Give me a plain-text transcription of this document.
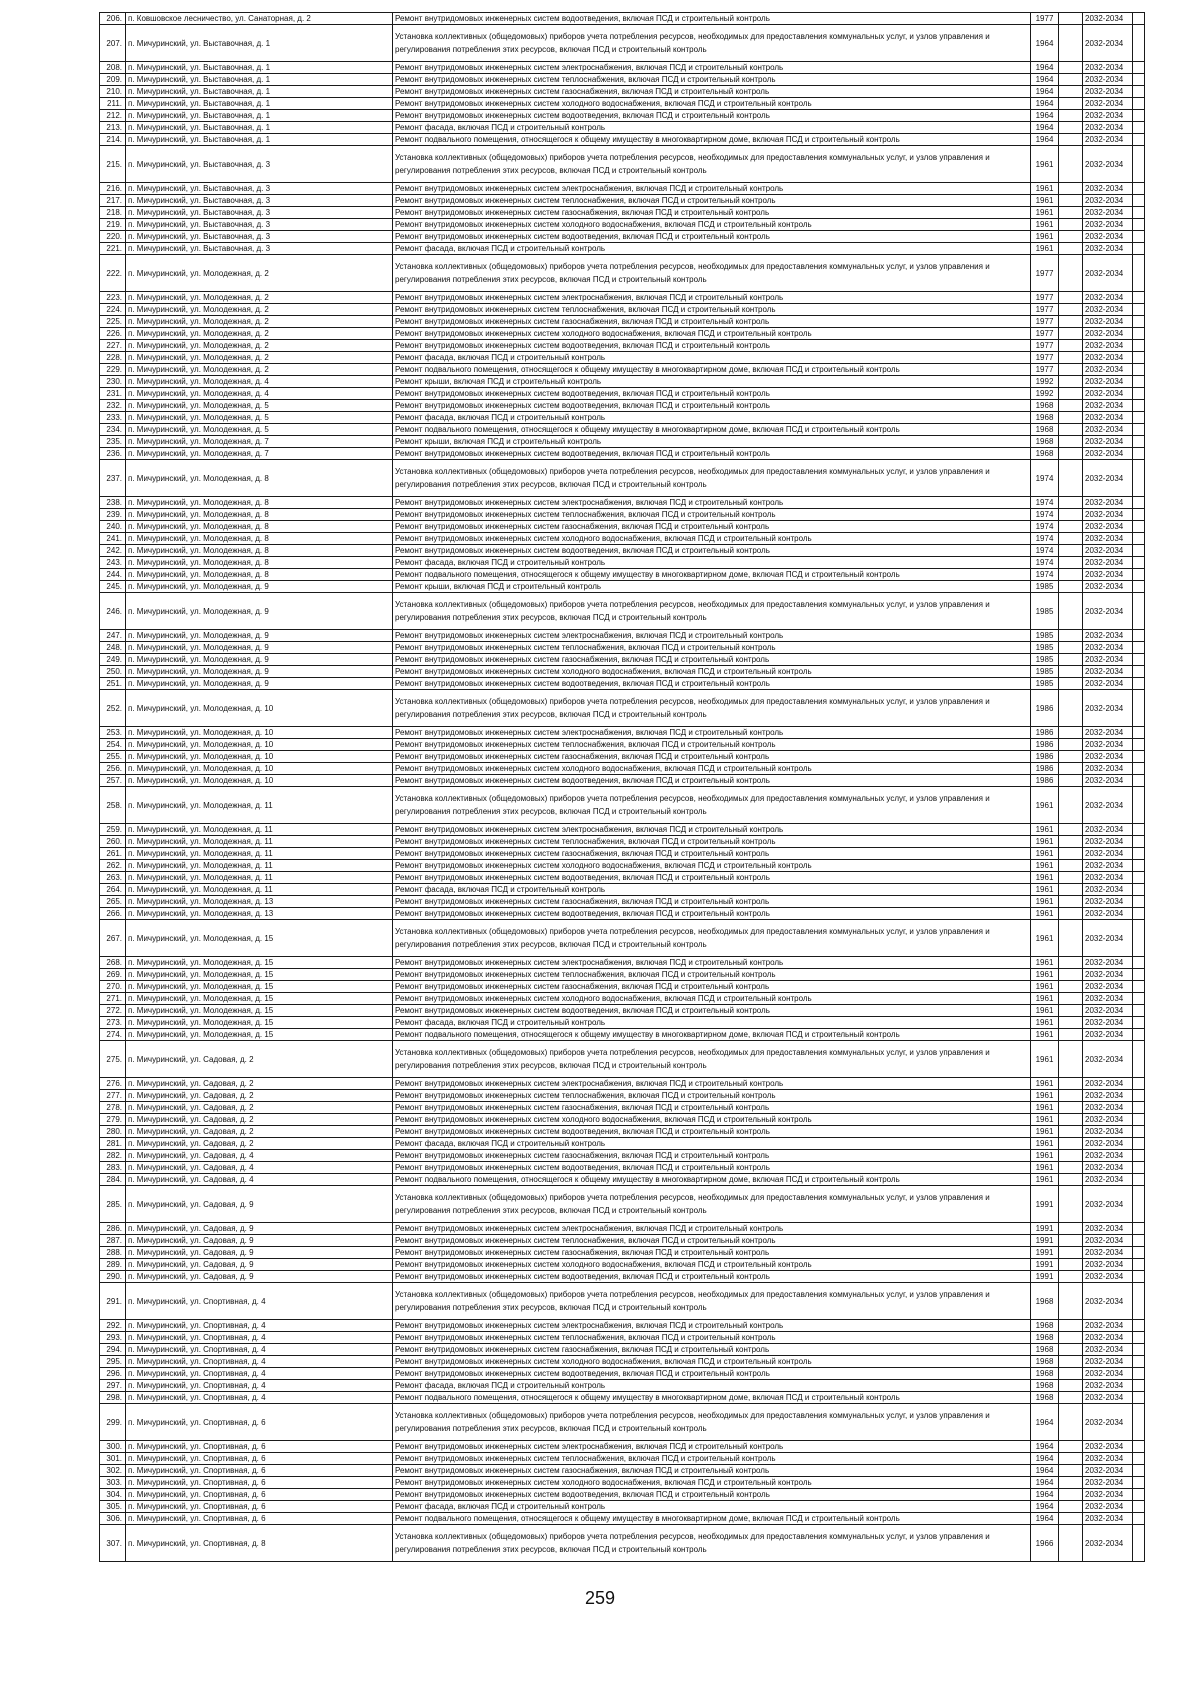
206.	п. Ковшовское лесничество, ул. Санаторная, д. 2	Ремонт внутридомовых инженерных систем водоотведения, включая ПСД и строительный контроль	1977		2032-2034	
207.	п. Мичуринский, ул. Выставочная, д. 1	Установка коллективных (общедомовых) приборов учета потребления ресурсов, необходимых для предоставления коммунальных услуг, и узлов управления и регулирования потребления этих ресурсов, включая ПСД и строительный контроль	1964		2032-2034	
208.	п. Мичуринский, ул. Выставочная, д. 1	Ремонт внутридомовых инженерных систем электроснабжения, включая ПСД и строительный контроль	1964		2032-2034	
209.	п. Мичуринский, ул. Выставочная, д. 1	Ремонт внутридомовых инженерных систем теплоснабжения, включая ПСД и строительный контроль	1964		2032-2034	
210.	п. Мичуринский, ул. Выставочная, д. 1	Ремонт внутридомовых инженерных систем газоснабжения, включая ПСД и строительный контроль	1964		2032-2034	
211.	п. Мичуринский, ул. Выставочная, д. 1	Ремонт внутридомовых инженерных систем холодного водоснабжения, включая ПСД и строительный контроль	1964		2032-2034	
212.	п. Мичуринский, ул. Выставочная, д. 1	Ремонт внутридомовых инженерных систем водоотведения, включая ПСД и строительный контроль	1964		2032-2034	
213.	п. Мичуринский, ул. Выставочная, д. 1	Ремонт фасада, включая ПСД и строительный контроль	1964		2032-2034	
214.	п. Мичуринский, ул. Выставочная, д. 1	Ремонт подвального помещения, относящегося к общему имуществу в многоквартирном доме, включая ПСД и строительный контроль	1964		2032-2034	
215.	п. Мичуринский, ул. Выставочная, д. 3	Установка коллективных (общедомовых) приборов учета потребления ресурсов, необходимых для предоставления коммунальных услуг, и узлов управления и регулирования потребления этих ресурсов, включая ПСД и строительный контроль	1961		2032-2034	
216.	п. Мичуринский, ул. Выставочная, д. 3	Ремонт внутридомовых инженерных систем электроснабжения, включая ПСД и строительный контроль	1961		2032-2034	
217.	п. Мичуринский, ул. Выставочная, д. 3	Ремонт внутридомовых инженерных систем теплоснабжения, включая ПСД и строительный контроль	1961		2032-2034	
218.	п. Мичуринский, ул. Выставочная, д. 3	Ремонт внутридомовых инженерных систем газоснабжения, включая ПСД и строительный контроль	1961		2032-2034	
219.	п. Мичуринский, ул. Выставочная, д. 3	Ремонт внутридомовых инженерных систем холодного водоснабжения, включая ПСД и строительный контроль	1961		2032-2034	
220.	п. Мичуринский, ул. Выставочная, д. 3	Ремонт внутридомовых инженерных систем водоотведения, включая ПСД и строительный контроль	1961		2032-2034	
221.	п. Мичуринский, ул. Выставочная, д. 3	Ремонт фасада, включая ПСД и строительный контроль	1961		2032-2034	
222.	п. Мичуринский, ул. Молодежная, д. 2	Установка коллективных (общедомовых) приборов учета потребления ресурсов, необходимых для предоставления коммунальных услуг, и узлов управления и регулирования потребления этих ресурсов, включая ПСД и строительный контроль	1977		2032-2034	
223.	п. Мичуринский, ул. Молодежная, д. 2	Ремонт внутридомовых инженерных систем электроснабжения, включая ПСД и строительный контроль	1977		2032-2034	
224.	п. Мичуринский, ул. Молодежная, д. 2	Ремонт внутридомовых инженерных систем теплоснабжения, включая ПСД и строительный контроль	1977		2032-2034	
225.	п. Мичуринский, ул. Молодежная, д. 2	Ремонт внутридомовых инженерных систем газоснабжения, включая ПСД и строительный контроль	1977		2032-2034	
226.	п. Мичуринский, ул. Молодежная, д. 2	Ремонт внутридомовых инженерных систем холодного водоснабжения, включая ПСД и строительный контроль	1977		2032-2034	
227.	п. Мичуринский, ул. Молодежная, д. 2	Ремонт внутридомовых инженерных систем водоотведения, включая ПСД и строительный контроль	1977		2032-2034	
228.	п. Мичуринский, ул. Молодежная, д. 2	Ремонт фасада, включая ПСД и строительный контроль	1977		2032-2034	
229.	п. Мичуринский, ул. Молодежная, д. 2	Ремонт подвального помещения, относящегося к общему имуществу в многоквартирном доме, включая ПСД и строительный контроль	1977		2032-2034	
230.	п. Мичуринский, ул. Молодежная, д. 4	Ремонт крыши, включая ПСД и строительный контроль	1992		2032-2034	
231.	п. Мичуринский, ул. Молодежная, д. 4	Ремонт внутридомовых инженерных систем водоотведения, включая ПСД и строительный контроль	1992		2032-2034	
232.	п. Мичуринский, ул. Молодежная, д. 5	Ремонт внутридомовых инженерных систем водоотведения, включая ПСД и строительный контроль	1968		2032-2034	
233.	п. Мичуринский, ул. Молодежная, д. 5	Ремонт фасада, включая ПСД и строительный контроль	1968		2032-2034	
234.	п. Мичуринский, ул. Молодежная, д. 5	Ремонт подвального помещения, относящегося к общему имуществу в многоквартирном доме, включая ПСД и строительный контроль	1968		2032-2034	
235.	п. Мичуринский, ул. Молодежная, д. 7	Ремонт крыши, включая ПСД и строительный контроль	1968		2032-2034	
236.	п. Мичуринский, ул. Молодежная, д. 7	Ремонт внутридомовых инженерных систем водоотведения, включая ПСД и строительный контроль	1968		2032-2034	
237.	п. Мичуринский, ул. Молодежная, д. 8	Установка коллективных (общедомовых) приборов учета потребления ресурсов, необходимых для предоставления коммунальных услуг, и узлов управления и регулирования потребления этих ресурсов, включая ПСД и строительный контроль	1974		2032-2034	
238.	п. Мичуринский, ул. Молодежная, д. 8	Ремонт внутридомовых инженерных систем электроснабжения, включая ПСД и строительный контроль	1974		2032-2034	
239.	п. Мичуринский, ул. Молодежная, д. 8	Ремонт внутридомовых инженерных систем теплоснабжения, включая ПСД и строительный контроль	1974		2032-2034	
240.	п. Мичуринский, ул. Молодежная, д. 8	Ремонт внутридомовых инженерных систем газоснабжения, включая ПСД и строительный контроль	1974		2032-2034	
241.	п. Мичуринский, ул. Молодежная, д. 8	Ремонт внутридомовых инженерных систем холодного водоснабжения, включая ПСД и строительный контроль	1974		2032-2034	
242.	п. Мичуринский, ул. Молодежная, д. 8	Ремонт внутридомовых инженерных систем водоотведения, включая ПСД и строительный контроль	1974		2032-2034	
243.	п. Мичуринский, ул. Молодежная, д. 8	Ремонт фасада, включая ПСД и строительный контроль	1974		2032-2034	
244.	п. Мичуринский, ул. Молодежная, д. 8	Ремонт подвального помещения, относящегося к общему имуществу в многоквартирном доме, включая ПСД и строительный контроль	1974		2032-2034	
245.	п. Мичуринский, ул. Молодежная, д. 9	Ремонт крыши, включая ПСД и строительный контроль	1985		2032-2034	
246.	п. Мичуринский, ул. Молодежная, д. 9	Установка коллективных (общедомовых) приборов учета потребления ресурсов, необходимых для предоставления коммунальных услуг, и узлов управления и регулирования потребления этих ресурсов, включая ПСД и строительный контроль	1985		2032-2034	
247.	п. Мичуринский, ул. Молодежная, д. 9	Ремонт внутридомовых инженерных систем электроснабжения, включая ПСД и строительный контроль	1985		2032-2034	
248.	п. Мичуринский, ул. Молодежная, д. 9	Ремонт внутридомовых инженерных систем теплоснабжения, включая ПСД и строительный контроль	1985		2032-2034	
249.	п. Мичуринский, ул. Молодежная, д. 9	Ремонт внутридомовых инженерных систем газоснабжения, включая ПСД и строительный контроль	1985		2032-2034	
250.	п. Мичуринский, ул. Молодежная, д. 9	Ремонт внутридомовых инженерных систем холодного водоснабжения, включая ПСД и строительный контроль	1985		2032-2034	
251.	п. Мичуринский, ул. Молодежная, д. 9	Ремонт внутридомовых инженерных систем водоотведения, включая ПСД и строительный контроль	1985		2032-2034	
252.	п. Мичуринский, ул. Молодежная, д. 10	Установка коллективных (общедомовых) приборов учета потребления ресурсов, необходимых для предоставления коммунальных услуг, и узлов управления и регулирования потребления этих ресурсов, включая ПСД и строительный контроль	1986		2032-2034	
253.	п. Мичуринский, ул. Молодежная, д. 10	Ремонт внутридомовых инженерных систем электроснабжения, включая ПСД и строительный контроль	1986		2032-2034	
254.	п. Мичуринский, ул. Молодежная, д. 10	Ремонт внутридомовых инженерных систем теплоснабжения, включая ПСД и строительный контроль	1986		2032-2034	
255.	п. Мичуринский, ул. Молодежная, д. 10	Ремонт внутридомовых инженерных систем газоснабжения, включая ПСД и строительный контроль	1986		2032-2034	
256.	п. Мичуринский, ул. Молодежная, д. 10	Ремонт внутридомовых инженерных систем холодного водоснабжения, включая ПСД и строительный контроль	1986		2032-2034	
257.	п. Мичуринский, ул. Молодежная, д. 10	Ремонт внутридомовых инженерных систем водоотведения, включая ПСД и строительный контроль	1986		2032-2034	
258.	п. Мичуринский, ул. Молодежная, д. 11	Установка коллективных (общедомовых) приборов учета потребления ресурсов, необходимых для предоставления коммунальных услуг, и узлов управления и регулирования потребления этих ресурсов, включая ПСД и строительный контроль	1961		2032-2034	
259.	п. Мичуринский, ул. Молодежная, д. 11	Ремонт внутридомовых инженерных систем электроснабжения, включая ПСД и строительный контроль	1961		2032-2034	
260.	п. Мичуринский, ул. Молодежная, д. 11	Ремонт внутридомовых инженерных систем теплоснабжения, включая ПСД и строительный контроль	1961		2032-2034	
261.	п. Мичуринский, ул. Молодежная, д. 11	Ремонт внутридомовых инженерных систем газоснабжения, включая ПСД и строительный контроль	1961		2032-2034	
262.	п. Мичуринский, ул. Молодежная, д. 11	Ремонт внутридомовых инженерных систем холодного водоснабжения, включая ПСД и строительный контроль	1961		2032-2034	
263.	п. Мичуринский, ул. Молодежная, д. 11	Ремонт внутридомовых инженерных систем водоотведения, включая ПСД и строительный контроль	1961		2032-2034	
264.	п. Мичуринский, ул. Молодежная, д. 11	Ремонт фасада, включая ПСД и строительный контроль	1961		2032-2034	
265.	п. Мичуринский, ул. Молодежная, д. 13	Ремонт внутридомовых инженерных систем газоснабжения, включая ПСД и строительный контроль	1961		2032-2034	
266.	п. Мичуринский, ул. Молодежная, д. 13	Ремонт внутридомовых инженерных систем водоотведения, включая ПСД и строительный контроль	1961		2032-2034	
267.	п. Мичуринский, ул. Молодежная, д. 15	Установка коллективных (общедомовых) приборов учета потребления ресурсов, необходимых для предоставления коммунальных услуг, и узлов управления и регулирования потребления этих ресурсов, включая ПСД и строительный контроль	1961		2032-2034	
268.	п. Мичуринский, ул. Молодежная, д. 15	Ремонт внутридомовых инженерных систем электроснабжения, включая ПСД и строительный контроль	1961		2032-2034	
269.	п. Мичуринский, ул. Молодежная, д. 15	Ремонт внутридомовых инженерных систем теплоснабжения, включая ПСД и строительный контроль	1961		2032-2034	
270.	п. Мичуринский, ул. Молодежная, д. 15	Ремонт внутридомовых инженерных систем газоснабжения, включая ПСД и строительный контроль	1961		2032-2034	
271.	п. Мичуринский, ул. Молодежная, д. 15	Ремонт внутридомовых инженерных систем холодного водоснабжения, включая ПСД и строительный контроль	1961		2032-2034	
272.	п. Мичуринский, ул. Молодежная, д. 15	Ремонт внутридомовых инженерных систем водоотведения, включая ПСД и строительный контроль	1961		2032-2034	
273.	п. Мичуринский, ул. Молодежная, д. 15	Ремонт фасада, включая ПСД и строительный контроль	1961		2032-2034	
274.	п. Мичуринский, ул. Молодежная, д. 15	Ремонт подвального помещения, относящегося к общему имуществу в многоквартирном доме, включая ПСД и строительный контроль	1961		2032-2034	
275.	п. Мичуринский, ул. Садовая, д. 2	Установка коллективных (общедомовых) приборов учета потребления ресурсов, необходимых для предоставления коммунальных услуг, и узлов управления и регулирования потребления этих ресурсов, включая ПСД и строительный контроль	1961		2032-2034	
276.	п. Мичуринский, ул. Садовая, д. 2	Ремонт внутридомовых инженерных систем электроснабжения, включая ПСД и строительный контроль	1961		2032-2034	
277.	п. Мичуринский, ул. Садовая, д. 2	Ремонт внутридомовых инженерных систем теплоснабжения, включая ПСД и строительный контроль	1961		2032-2034	
278.	п. Мичуринский, ул. Садовая, д. 2	Ремонт внутридомовых инженерных систем газоснабжения, включая ПСД и строительный контроль	1961		2032-2034	
279.	п. Мичуринский, ул. Садовая, д. 2	Ремонт внутридомовых инженерных систем холодного водоснабжения, включая ПСД и строительный контроль	1961		2032-2034	
280.	п. Мичуринский, ул. Садовая, д. 2	Ремонт внутридомовых инженерных систем водоотведения, включая ПСД и строительный контроль	1961		2032-2034	
281.	п. Мичуринский, ул. Садовая, д. 2	Ремонт фасада, включая ПСД и строительный контроль	1961		2032-2034	
282.	п. Мичуринский, ул. Садовая, д. 4	Ремонт внутридомовых инженерных систем газоснабжения, включая ПСД и строительный контроль	1961		2032-2034	
283.	п. Мичуринский, ул. Садовая, д. 4	Ремонт внутридомовых инженерных систем водоотведения, включая ПСД и строительный контроль	1961		2032-2034	
284.	п. Мичуринский, ул. Садовая, д. 4	Ремонт подвального помещения, относящегося к общему имуществу в многоквартирном доме, включая ПСД и строительный контроль	1961		2032-2034	
285.	п. Мичуринский, ул. Садовая, д. 9	Установка коллективных (общедомовых) приборов учета потребления ресурсов, необходимых для предоставления коммунальных услуг, и узлов управления и регулирования потребления этих ресурсов, включая ПСД и строительный контроль	1991		2032-2034	
286.	п. Мичуринский, ул. Садовая, д. 9	Ремонт внутридомовых инженерных систем электроснабжения, включая ПСД и строительный контроль	1991		2032-2034	
287.	п. Мичуринский, ул. Садовая, д. 9	Ремонт внутридомовых инженерных систем теплоснабжения, включая ПСД и строительный контроль	1991		2032-2034	
288.	п. Мичуринский, ул. Садовая, д. 9	Ремонт внутридомовых инженерных систем газоснабжения, включая ПСД и строительный контроль	1991		2032-2034	
289.	п. Мичуринский, ул. Садовая, д. 9	Ремонт внутридомовых инженерных систем холодного водоснабжения, включая ПСД и строительный контроль	1991		2032-2034	
290.	п. Мичуринский, ул. Садовая, д. 9	Ремонт внутридомовых инженерных систем водоотведения, включая ПСД и строительный контроль	1991		2032-2034	
291.	п. Мичуринский, ул. Спортивная, д. 4	Установка коллективных (общедомовых) приборов учета потребления ресурсов, необходимых для предоставления коммунальных услуг, и узлов управления и регулирования потребления этих ресурсов, включая ПСД и строительный контроль	1968		2032-2034	
292.	п. Мичуринский, ул. Спортивная, д. 4	Ремонт внутридомовых инженерных систем электроснабжения, включая ПСД и строительный контроль	1968		2032-2034	
293.	п. Мичуринский, ул. Спортивная, д. 4	Ремонт внутридомовых инженерных систем теплоснабжения, включая ПСД и строительный контроль	1968		2032-2034	
294.	п. Мичуринский, ул. Спортивная, д. 4	Ремонт внутридомовых инженерных систем газоснабжения, включая ПСД и строительный контроль	1968		2032-2034	
295.	п. Мичуринский, ул. Спортивная, д. 4	Ремонт внутридомовых инженерных систем холодного водоснабжения, включая ПСД и строительный контроль	1968		2032-2034	
296.	п. Мичуринский, ул. Спортивная, д. 4	Ремонт внутридомовых инженерных систем водоотведения, включая ПСД и строительный контроль	1968		2032-2034	
297.	п. Мичуринский, ул. Спортивная, д. 4	Ремонт фасада, включая ПСД и строительный контроль	1968		2032-2034	
298.	п. Мичуринский, ул. Спортивная, д. 4	Ремонт подвального помещения, относящегося к общему имуществу в многоквартирном доме, включая ПСД и строительный контроль	1968		2032-2034	
299.	п. Мичуринский, ул. Спортивная, д. 6	Установка коллективных (общедомовых) приборов учета потребления ресурсов, необходимых для предоставления коммунальных услуг, и узлов управления и регулирования потребления этих ресурсов, включая ПСД и строительный контроль	1964		2032-2034	
300.	п. Мичуринский, ул. Спортивная, д. 6	Ремонт внутридомовых инженерных систем электроснабжения, включая ПСД и строительный контроль	1964		2032-2034	
301.	п. Мичуринский, ул. Спортивная, д. 6	Ремонт внутридомовых инженерных систем теплоснабжения, включая ПСД и строительный контроль	1964		2032-2034	
302.	п. Мичуринский, ул. Спортивная, д. 6	Ремонт внутридомовых инженерных систем газоснабжения, включая ПСД и строительный контроль	1964		2032-2034	
303.	п. Мичуринский, ул. Спортивная, д. 6	Ремонт внутридомовых инженерных систем холодного водоснабжения, включая ПСД и строительный контроль	1964		2032-2034	
304.	п. Мичуринский, ул. Спортивная, д. 6	Ремонт внутридомовых инженерных систем водоотведения, включая ПСД и строительный контроль	1964		2032-2034	
305.	п. Мичуринский, ул. Спортивная, д. 6	Ремонт фасада, включая ПСД и строительный контроль	1964		2032-2034	
306.	п. Мичуринский, ул. Спортивная, д. 6	Ремонт подвального помещения, относящегося к общему имуществу в многоквартирном доме, включая ПСД и строительный контроль	1964		2032-2034	
307.	п. Мичуринский, ул. Спортивная, д. 8	Установка коллективных (общедомовых) приборов учета потребления ресурсов, необходимых для предоставления коммунальных услуг, и узлов управления и регулирования потребления этих ресурсов, включая ПСД и строительный контроль	1966		2032-2034	
259
